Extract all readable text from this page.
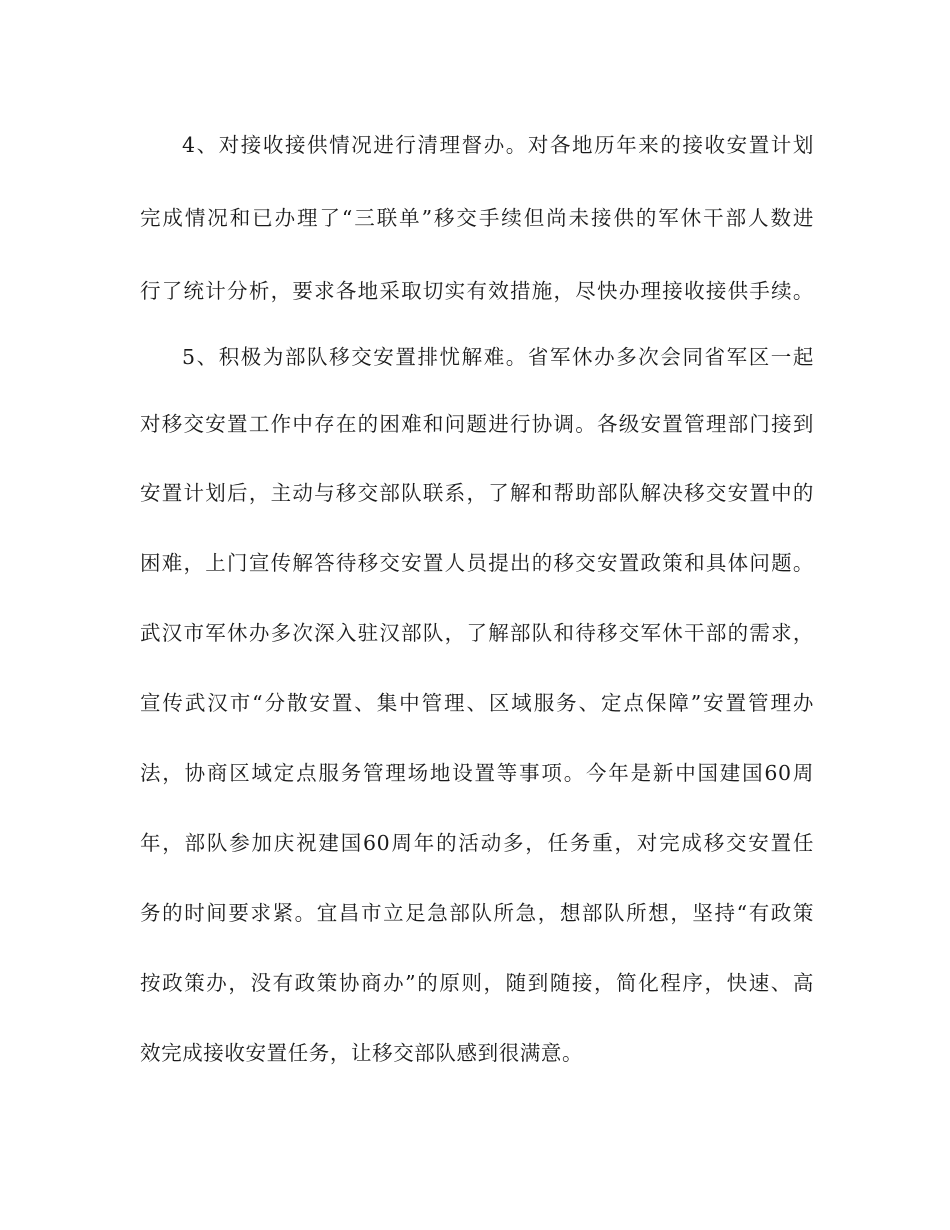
4、对接收接供情况进行清理督办。对各地历年来的接收安置计划

完成情况和已办理了“三联单”移交手续但尚未接供的军休干部人数进

行了统计分析，要求各地采取切实有效措施，尽快办理接收接供手续。

5、积极为部队移交安置排忧解难。省军休办多次会同省军区一起

对移交安置工作中存在的困难和问题进行协调。各级安置管理部门接到

安置计划后，主动与移交部队联系，了解和帮助部队解决移交安置中的

困难，上门宣传解答待移交安置人员提出的移交安置政策和具体问题。

武汉市军休办多次深入驻汉部队，了解部队和待移交军休干部的需求，

宣传武汉市“分散安置、集中管理、区域服务、定点保障”安置管理办

法，协商区域定点服务管理场地设置等事项。今年是新中国建国60周

年，部队参加庆祝建国60周年的活动多，任务重，对完成移交安置任

务的时间要求紧。宜昌市立足急部队所急，想部队所想，坚持“有政策

按政策办，没有政策协商办”的原则，随到随接，简化程序，快速、高

效完成接收安置任务，让移交部队感到很满意。
